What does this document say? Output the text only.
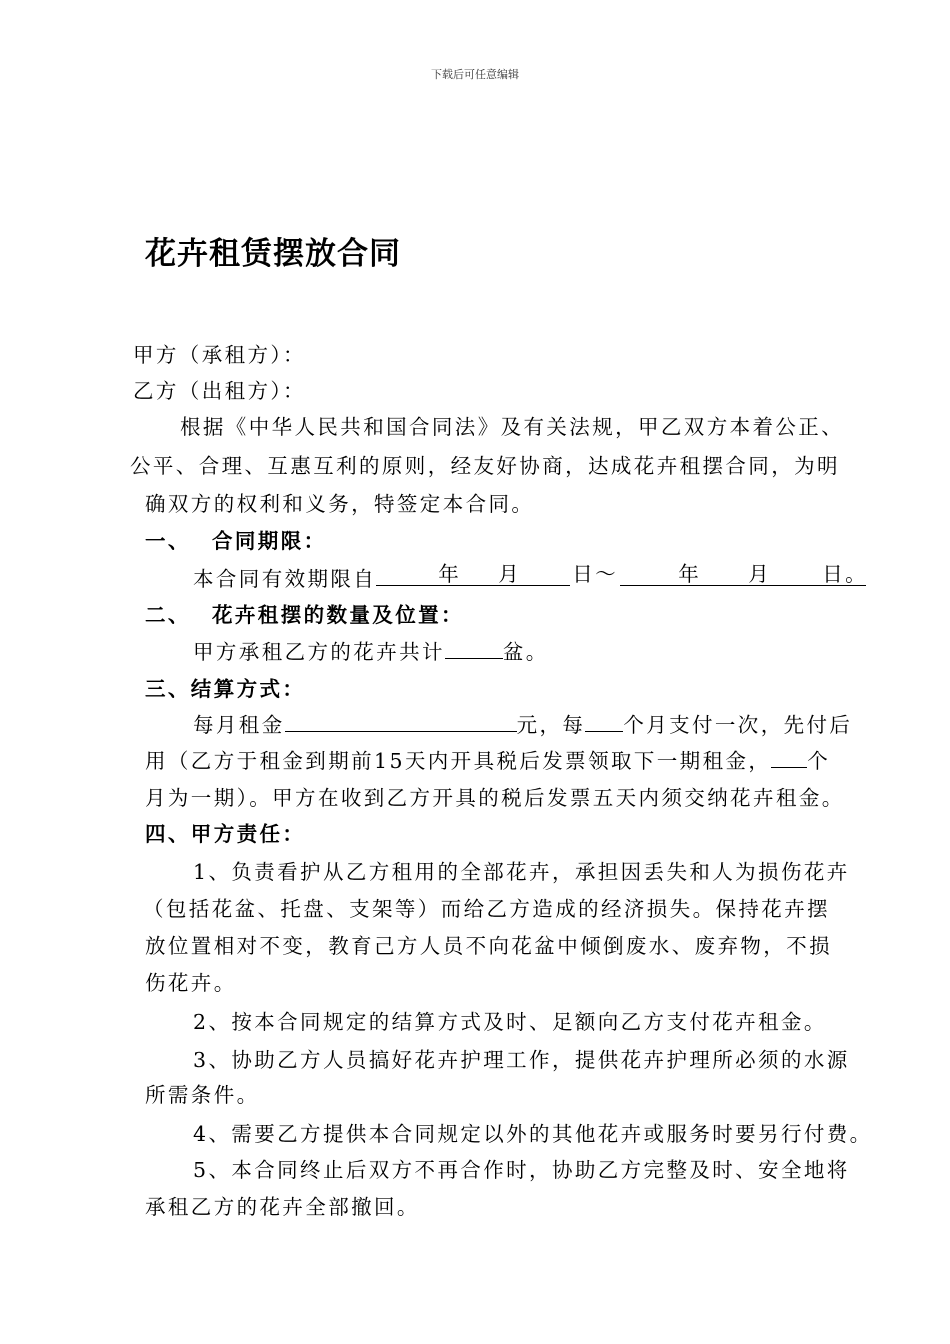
下载后可任意编辑
花卉租赁摆放合同
甲方（承租方）：
乙方（出租方）：
根据《中华人民共和国合同法》及有关法规，甲乙双方本着公正、
公平、合理、互惠互利的原则，经友好协商，达成花卉租摆合同，为明
确双方的权利和义务，特签定本合同。
一、 合同期限：
本合同有效期限自	年 月 日～	年 月 日。
二、 花卉租摆的数量及位置：
甲方承租乙方的花卉共计	盆。
三、结算方式：
每月租金	元，每 个月支付一次，先付后
用（乙方于租金到期前15天内开具税后发票领取下一期租金， 个
月为一期）。甲方在收到乙方开具的税后发票五天内须交纳花卉租金。
四、甲方责任：
1、负责看护从乙方租用的全部花卉，承担因丢失和人为损伤花卉
（包括花盆、托盘、支架等）而给乙方造成的经济损失。保持花卉摆
放位置相对不变，教育己方人员不向花盆中倾倒废水、废弃物，不损
伤花卉。
2、按本合同规定的结算方式及时、足额向乙方支付花卉租金。
3、协助乙方人员搞好花卉护理工作，提供花卉护理所必须的水源
所需条件。
4、需要乙方提供本合同规定以外的其他花卉或服务时要另行付费。
5、本合同终止后双方不再合作时，协助乙方完整及时、安全地将
承租乙方的花卉全部撤回。
